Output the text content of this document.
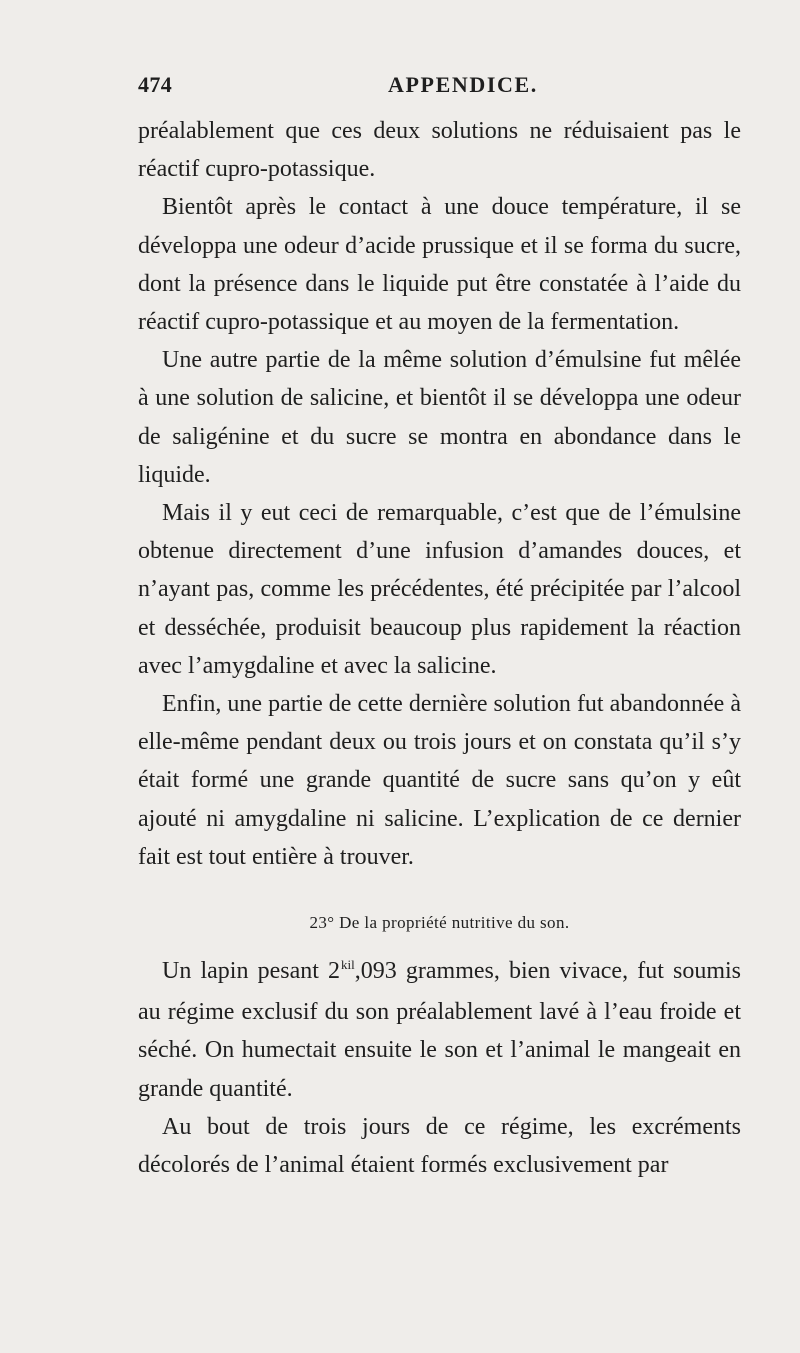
474	APPENDICE.

préalablement que ces deux solutions ne réduisaient pas le réactif cupro-potassique.

Bientôt après le contact à une douce température, il se développa une odeur d’acide prussique et il se forma du sucre, dont la présence dans le liquide put être constatée à l’aide du réactif cupro-potassique et au moyen de la fermentation.

Une autre partie de la même solution d’émulsine fut mêlée à une solution de salicine, et bientôt il se développa une odeur de saligénine et du sucre se montra en abondance dans le liquide.

Mais il y eut ceci de remarquable, c’est que de l’émulsine obtenue directement d’une infusion d’amandes douces, et n’ayant pas, comme les précédentes, été précipitée par l’alcool et desséchée, produisit beaucoup plus rapidement la réaction avec l’amygdaline et avec la salicine.

Enfin, une partie de cette dernière solution fut abandonnée à elle-même pendant deux ou trois jours et on constata qu’il s’y était formé une grande quantité de sucre sans qu’on y eût ajouté ni amygdaline ni salicine. L’explication de ce dernier fait est tout entière à trouver.

23° De la propriété nutritive du son.

Un lapin pesant $2^{kil},093$ grammes, bien vivace, fut soumis au régime exclusif du son préalablement lavé à l’eau froide et séché. On humectait ensuite le son et l’animal le mangeait en grande quantité.

Au bout de trois jours de ce régime, les excréments décolorés de l’animal étaient formés exclusivement par
